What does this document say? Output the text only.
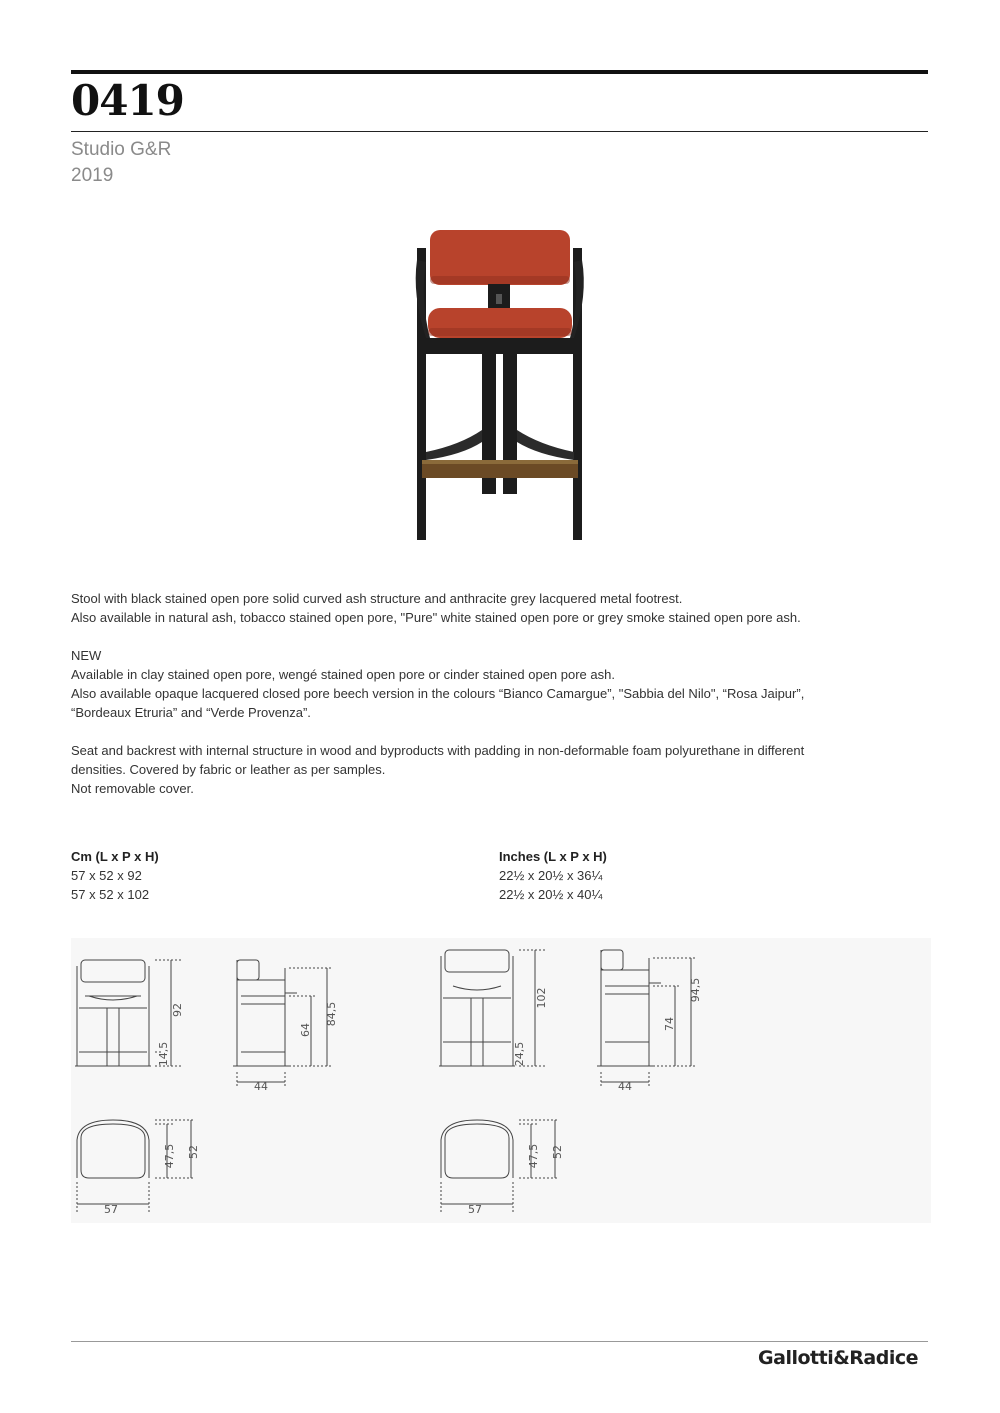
0419
Studio G&R
2019

Stool with black stained open pore solid curved ash structure and anthracite grey lacquered metal footrest.

Also available in natural ash, tobacco stained open pore, "Pure" white stained open pore or grey smoke stained open pore ash.

NEW

Available in clay stained open pore, wengé stained open pore or cinder stained open pore ash.

Also available opaque lacquered closed pore beech version in the colours “Bianco Camargue”, "Sabbia del Nilo", “Rosa Jaipur”,

“Bordeaux Etruria” and “Verde Provenza”.

Seat and backrest with internal structure in wood and byproducts with padding in non-deformable foam polyurethane in different

densities. Covered by fabric or leather as per samples.

Not removable cover.

Cm (L x P x H)
57 x 52 x 92
57 x 52 x 102
Inches (L x P x H)
22½ x 20½ x 36¼
22½ x 20½ x 40¼
92
14,5
64
84,5
44
47,5 52
57
102
24,5
74
94,5
44
47,5 52
57
Gallotti&Radice
